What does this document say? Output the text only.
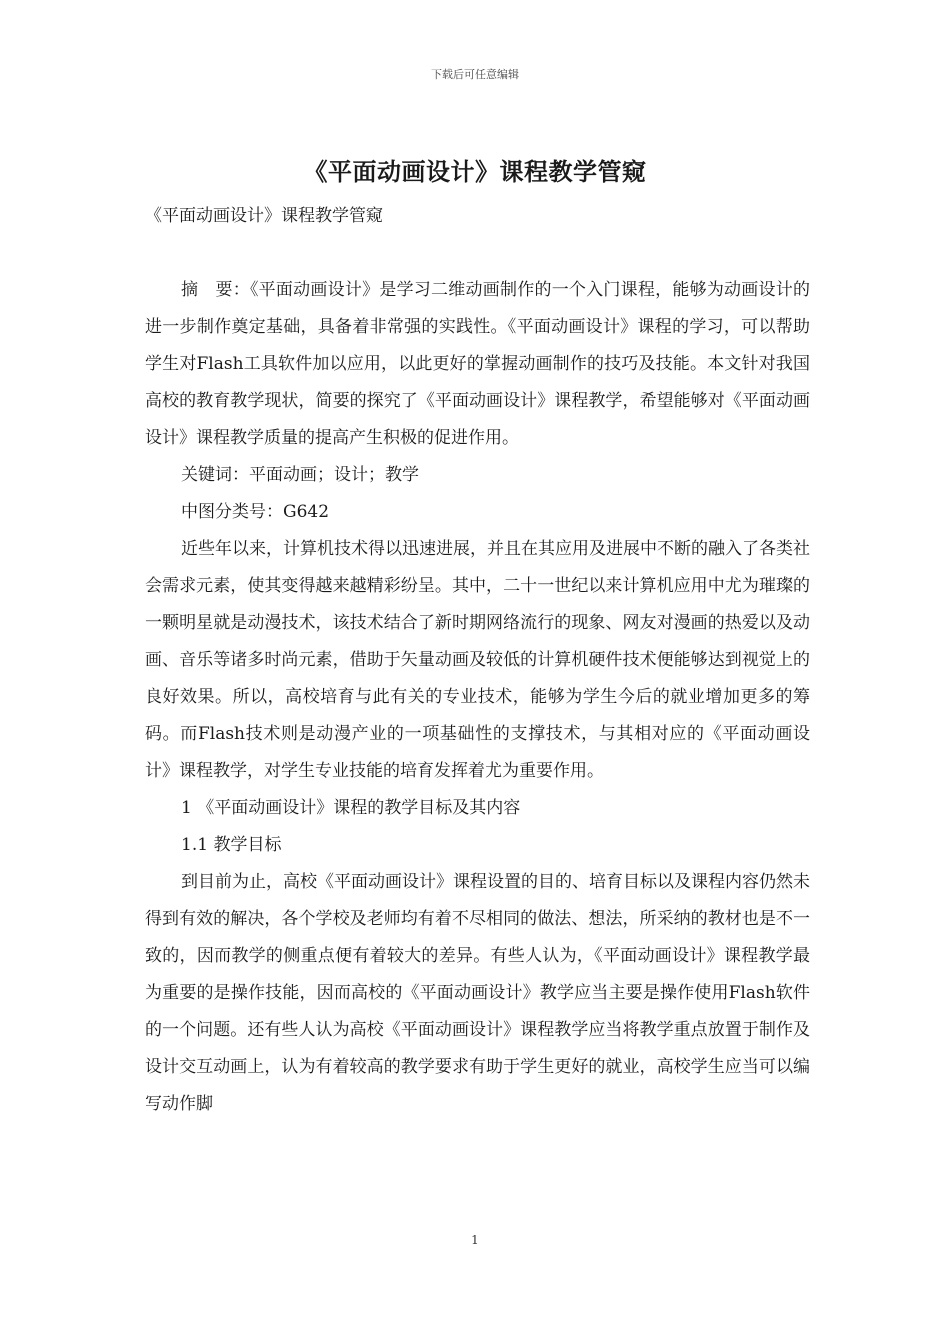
下载后可任意编辑
《平面动画设计》课程教学管窥

《平面动画设计》课程教学管窥

摘　要：《平面动画设计》是学习二维动画制作的一个入门课程，能够为动画设计的进一步制作奠定基础，具备着非常强的实践性。《平面动画设计》课程的学习，可以帮助学生对Flash工具软件加以应用，以此更好的掌握动画制作的技巧及技能。本文针对我国高校的教育教学现状，简要的探究了《平面动画设计》课程教学，希望能够对《平面动画设计》课程教学质量的提高产生积极的促进作用。

关键词：平面动画；设计；教学

中图分类号：G642

近些年以来，计算机技术得以迅速进展，并且在其应用及进展中不断的融入了各类社会需求元素，使其变得越来越精彩纷呈。其中，二十一世纪以来计算机应用中尤为璀璨的一颗明星就是动漫技术，该技术结合了新时期网络流行的现象、网友对漫画的热爱以及动画、音乐等诸多时尚元素，借助于矢量动画及较低的计算机硬件技术便能够达到视觉上的良好效果。所以，高校培育与此有关的专业技术，能够为学生今后的就业增加更多的筹码。而Flash技术则是动漫产业的一项基础性的支撑技术，与其相对应的《平面动画设计》课程教学，对学生专业技能的培育发挥着尤为重要作用。

1 《平面动画设计》课程的教学目标及其内容

1.1 教学目标

到目前为止，高校《平面动画设计》课程设置的目的、培育目标以及课程内容仍然未得到有效的解决，各个学校及老师均有着不尽相同的做法、想法，所采纳的教材也是不一致的，因而教学的侧重点便有着较大的差异。有些人认为，《平面动画设计》课程教学最为重要的是操作技能，因而高校的《平面动画设计》教学应当主要是操作使用Flash软件的一个问题。还有些人认为高校《平面动画设计》课程教学应当将教学重点放置于制作及设计交互动画上，认为有着较高的教学要求有助于学生更好的就业，高校学生应当可以编写动作脚

1
